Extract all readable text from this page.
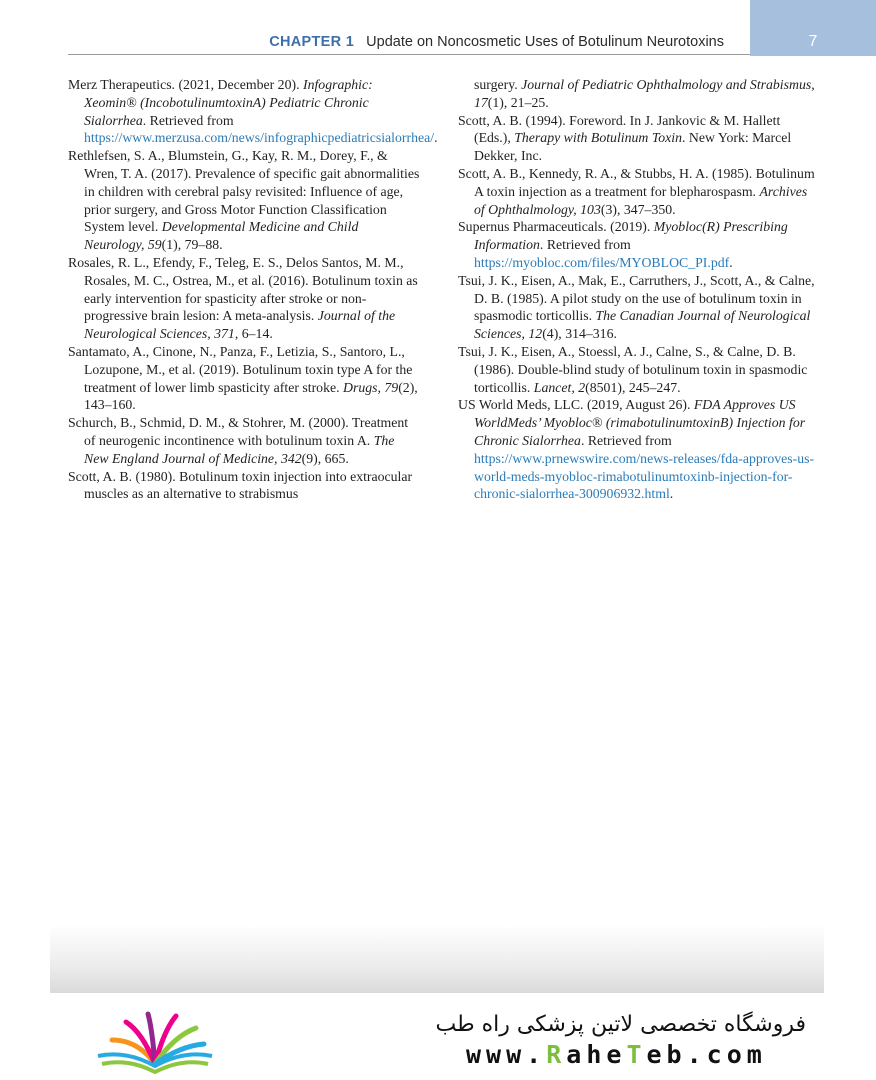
7
CHAPTER 1 Update on Noncosmetic Uses of Botulinum Neurotoxins

Merz Therapeutics. (2021, December 20). Infographic: Xeomin® (IncobotulinumtoxinA) Pediatric Chronic Sialorrhea. Retrieved from https://www.merzusa.com/news/infographicpediatricsialorrhea/.

Rethlefsen, S. A., Blumstein, G., Kay, R. M., Dorey, F., & Wren, T. A. (2017). Prevalence of specific gait abnormalities in children with cerebral palsy revisited: Influence of age, prior surgery, and Gross Motor Function Classification System level. Developmental Medicine and Child Neurology, 59(1), 79–88.

Rosales, R. L., Efendy, F., Teleg, E. S., Delos Santos, M. M., Rosales, M. C., Ostrea, M., et al. (2016). Botulinum toxin as early intervention for spasticity after stroke or non-progressive brain lesion: A meta-analysis. Journal of the Neurological Sciences, 371, 6–14.

Santamato, A., Cinone, N., Panza, F., Letizia, S., Santoro, L., Lozupone, M., et al. (2019). Botulinum toxin type A for the treatment of lower limb spasticity after stroke. Drugs, 79(2), 143–160.

Schurch, B., Schmid, D. M., & Stohrer, M. (2000). Treatment of neurogenic incontinence with botulinum toxin A. The New England Journal of Medicine, 342(9), 665.

Scott, A. B. (1980). Botulinum toxin injection into extraocular muscles as an alternative to strabismus

surgery. Journal of Pediatric Ophthalmology and Strabismus, 17(1), 21–25.

Scott, A. B. (1994). Foreword. In J. Jankovic & M. Hallett (Eds.), Therapy with Botulinum Toxin. New York: Marcel Dekker, Inc.

Scott, A. B., Kennedy, R. A., & Stubbs, H. A. (1985). Botulinum A toxin injection as a treatment for blepharospasm. Archives of Ophthalmology, 103(3), 347–350.

Supernus Pharmaceuticals. (2019). Myobloc(R) Prescribing Information. Retrieved from https://myobloc.com/files/MYOBLOC_PI.pdf.

Tsui, J. K., Eisen, A., Mak, E., Carruthers, J., Scott, A., & Calne, D. B. (1985). A pilot study on the use of botulinum toxin in spasmodic torticollis. The Canadian Journal of Neurological Sciences, 12(4), 314–316.

Tsui, J. K., Eisen, A., Stoessl, A. J., Calne, S., & Calne, D. B. (1986). Double-blind study of botulinum toxin in spasmodic torticollis. Lancet, 2(8501), 245–247.

US World Meds, LLC. (2019, August 26). FDA Approves US WorldMeds’ Myobloc® (rimabotulinumtoxinB) Injection for Chronic Sialorrhea. Retrieved from https://www.prnewswire.com/news-releases/fda-approves-us-world-meds-myobloc-rimabotulinumtoxinb-injection-for-chronic-sialorrhea-300906932.html.

فروشگاه تخصصی لاتین پزشکی راه طب
www.RaheTeb.com
